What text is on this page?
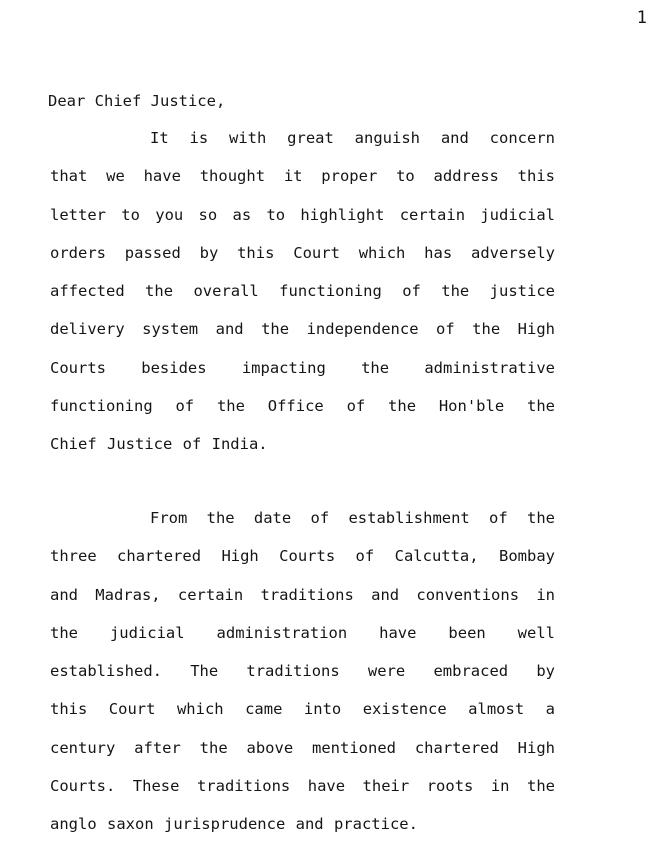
1

Dear Chief Justice,

It is with great anguish and concern
that we have thought it proper to address this
letter to you so as to highlight certain judicial
orders passed by this Court which has adversely
affected the overall functioning of the justice
delivery system and the independence of the High
Courts besides impacting the administrative
functioning of the Office of the Hon'ble the
Chief Justice of India.
From the date of establishment of the
three chartered High Courts of Calcutta, Bombay
and Madras, certain traditions and conventions in
the judicial administration have been well
established. The traditions were embraced by
this Court which came into existence almost a
century after the above mentioned chartered High
Courts. These traditions have their roots in the
anglo saxon jurisprudence and practice.
